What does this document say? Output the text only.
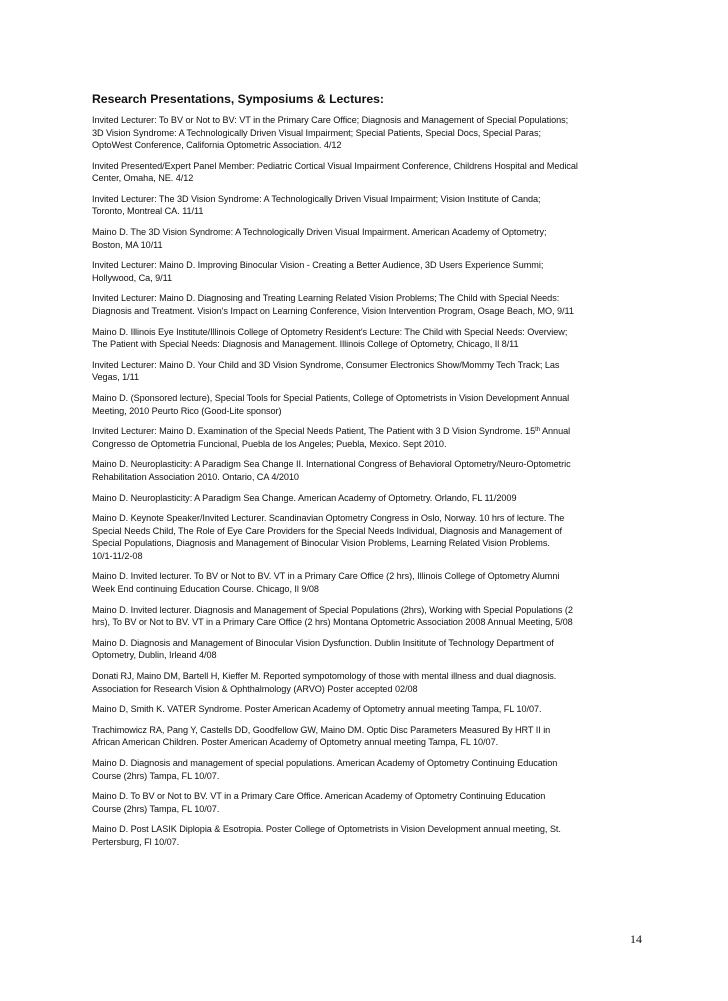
Research Presentations, Symposiums & Lectures:
Invited Lecturer: To BV or Not to BV: VT in the Primary Care Office; Diagnosis and Management of Special Populations;
3D Vision Syndrome: A Technologically Driven Visual Impairment; Special Patients, Special Docs, Special Paras;
OptoWest Conference, California Optometric Association. 4/12
Invited Presented/Expert Panel Member: Pediatric Cortical Visual Impairment Conference, Childrens Hospital and Medical
Center, Omaha, NE. 4/12
Invited Lecturer: The 3D Vision Syndrome: A Technologically Driven Visual Impairment; Vision Institute of Canda;
Toronto, Montreal CA. 11/11
Maino D. The 3D Vision Syndrome: A Technologically Driven Visual Impairment. American Academy of Optometry;
Boston, MA 10/11
Invited Lecturer: Maino D. Improving Binocular Vision - Creating a Better Audience, 3D Users Experience Summi;
Hollywood, Ca, 9/11
Invited Lecturer: Maino D. Diagnosing and Treating Learning Related Vision Problems; The Child with Special Needs:
Diagnosis and Treatment. Vision's Impact on Learning Conference, Vision Intervention Program, Osage Beach, MO, 9/11
Maino D. Illinois Eye Institute/Illinois College of Optometry Resident's Lecture: The Child with Special Needs: Overview;
The Patient with Special Needs: Diagnosis and Management. Illinois College of Optometry, Chicago, Il 8/11
Invited Lecturer: Maino D. Your Child and 3D Vision Syndrome, Consumer Electronics Show/Mommy Tech Track; Las
Vegas, 1/11
Maino D. (Sponsored lecture), Special Tools for Special Patients, College of Optometrists in Vision Development Annual
Meeting, 2010 Peurto Rico (Good-Lite sponsor)
Invited Lecturer: Maino D. Examination of the Special Needs Patient, The Patient with 3 D Vision Syndrome. 15th Annual
Congresso de Optometria Funcional, Puebla de los Angeles; Puebla, Mexico. Sept 2010.
Maino D. Neuroplasticity: A Paradigm Sea Change II. International Congress of Behavioral Optometry/Neuro-Optometric
Rehabilitation Association 2010. Ontario, CA 4/2010
Maino D. Neuroplasticity: A Paradigm Sea Change. American Academy of Optometry. Orlando, FL 11/2009
Maino D. Keynote Speaker/Invited Lecturer. Scandinavian Optometry Congress in Oslo, Norway. 10 hrs of lecture. The
Special Needs Child, The Role of Eye Care Providers for the Special Needs Individual, Diagnosis and Management of
Special Populations, Diagnosis and Management of Binocular Vision Problems, Learning Related Vision Problems.
10/1-11/2-08
Maino D. Invited lecturer. To BV or Not to BV. VT in a Primary Care Office (2 hrs), Illinois College of Optometry Alumni
Week End continuing Education Course. Chicago, Il 9/08
Maino D. Invited lecturer. Diagnosis and Management of Special Populations (2hrs), Working with Special Populations (2
hrs), To BV or Not to BV. VT in a Primary Care Office (2 hrs) Montana Optometric Association 2008 Annual Meeting, 5/08
Maino D. Diagnosis and Management of Binocular Vision Dysfunction. Dublin Insititute of Technology Department of
Optometry, Dublin, Irleand 4/08
Donati RJ, Maino DM, Bartell H, Kieffer M. Reported sympotomology of those with mental illness and dual diagnosis.
Association for Research Vision & Ophthalmology (ARVO) Poster accepted 02/08
Maino D, Smith K. VATER Syndrome. Poster American Academy of Optometry annual meeting Tampa, FL 10/07.
Trachimowicz RA, Pang Y, Castells DD, Goodfellow GW, Maino DM. Optic Disc Parameters Measured By HRT II in
African American Children. Poster American Academy of Optometry annual meeting Tampa, FL 10/07.
Maino D. Diagnosis and management of special populations. American Academy of Optometry Continuing Education
Course (2hrs) Tampa, FL 10/07.
Maino D. To BV or Not to BV. VT in a Primary Care Office. American Academy of Optometry Continuing Education
Course (2hrs) Tampa, FL 10/07.
Maino D. Post LASIK Diplopia & Esotropia. Poster College of Optometrists in Vision Development annual meeting, St.
Pertersburg, Fl 10/07.
14
